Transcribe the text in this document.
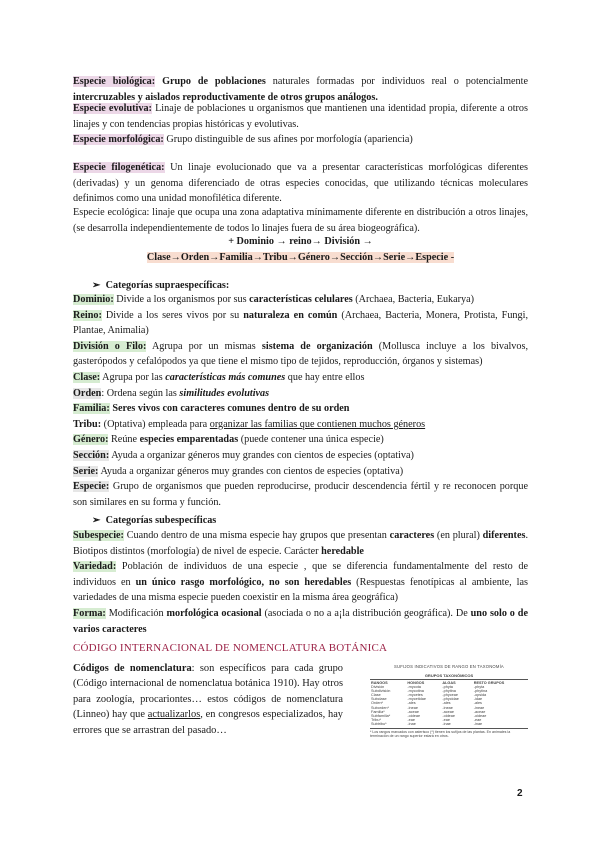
Especie biológica: Grupo de poblaciones naturales formadas por individuos real o potencialmente intercruzables y aislados reproductivamente de otros grupos análogos.
Especie evolutiva: Linaje de poblaciones u organismos que mantienen una identidad propia, diferente a otros linajes y con tendencias propias históricas y evolutivas.
Especie morfológica: Grupo distinguible de sus afines por morfología (apariencia)
Especie filogenética: Un linaje evolucionado que va a presentar características morfológicas diferentes (derivadas) y un genoma diferenciado de otras especies conocidas, que utilizando técnicas moleculares definimos como una unidad monofilética diferente.
Especie ecológica: linaje que ocupa una zona adaptativa mínimamente diferente en distribución a otros linajes, (se desarrolla independientemente de todos lo linajes fuera de su área biogeográfica).
+ Dominio → reino→ División →
Clase→Orden→Familia→Tribu→Género→Sección→Serie→Especie -
➢ Categorías supraespecíficas:
Dominio: Divide a los organismos por sus características celulares (Archaea, Bacteria, Eukarya)
Reino: Divide a los seres vivos por su naturaleza en común (Archaea, Bacteria, Monera, Protista, Fungi, Plantae, Animalia)
División o Filo: Agrupa por un mismas sistema de organización (Mollusca incluye a los bivalvos, gasterópodos y cefalópodos ya que tiene el mismo tipo de tejidos, reproducción, órganos y sistemas)
Clase: Agrupa por las características más comunes que hay entre ellos
Orden: Ordena según las similitudes evolutivas
Familia: Seres vivos con caracteres comunes dentro de su orden
Tribu: (Optativa) empleada para organizar las familias que contienen muchos géneros
Género: Reúne especies emparentadas (puede contener una única especie)
Sección: Ayuda a organizar géneros muy grandes con cientos de especies (optativa)
Serie: Ayuda a organizar géneros muy grandes con cientos de especies (optativa)
Especie: Grupo de organismos que pueden reproducirse, producir descendencia fértil y re reconocen porque son similares en su forma y función.
➢ Categorías subespecíficas
Subespecie: Cuando dentro de una misma especie hay grupos que presentan caracteres (en plural) diferentes. Biotipos distintos (morfología) de nivel de especie. Carácter heredable
Variedad: Población de individuos de una especie , que se diferencia fundamentalmente del resto de individuos en un único rasgo morfológico, no son heredables (Respuestas fenotípicas al ambiente, las variedades de una misma especie pueden coexistir en la misma área geográfica)
Forma: Modificación morfológica ocasional (asociada o no a a¡la distribución geográfica). De uno solo o de varios caracteres
CÓDIGO INTERNACIONAL DE NOMENCLATURA BOTÁNICA
Códigos de nomenclatura: son específicos para cada grupo (Código internacional de nomenclatua botánica 1910). Hay otros para zoología, procariontes… estos códigos de nomenclatura (Linneo) hay que actualizarlos, en congresos especializados, hay errores que se arrastran del pasado…
SUFIJOS INDICATIVOS DE RANGO EN TAXONOMÍA
GRUPOS TAXONÓMICOS
RANGOS	HONGOS	ALGAS	RESTO GRUPOS
División	-mycota	-phyta	-phyta
Subdivisión	-mycotina	-phytina	-phytina
Clase	-mycetes	-phyceae	-opsida
Subclase	-mycetidae	-phycidae	-idae
Orden*	-ales	-ales	-ales
Suborden*	-ineae	-ineae	-ineae
Familia*	-aceae	-aceae	-aceae
Subfamilia*	-oideae	-oideae	-oideae
Tribu*	-eae	-eae	-eae
Subtribu*	-inae	-inae	-inae
* Los rangos marcados con asterisco (*) tienen los sufijos de las plantas. En animales la terminación de un rango superior estará en otros.
2
